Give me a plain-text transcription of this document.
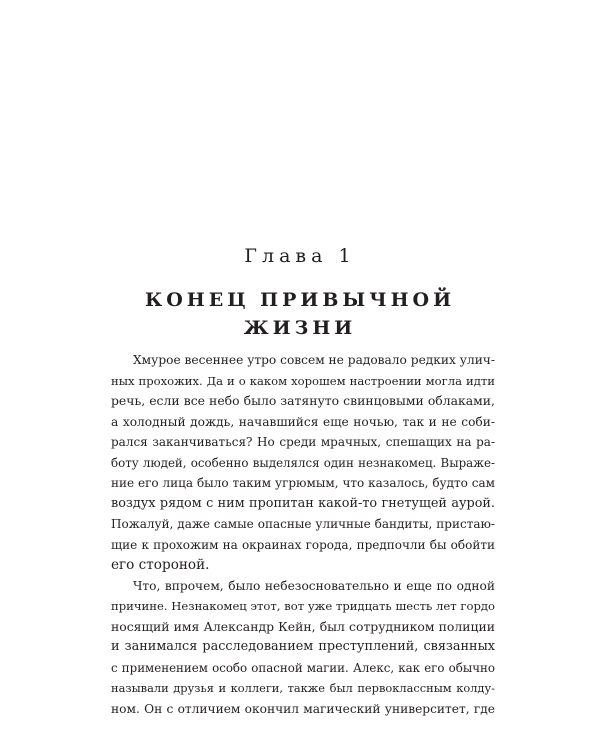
Глава 1
КОНЕЦ ПРИВЫЧНОЙ
ЖИЗНИ

Хмурое весеннее утро совсем не радовало редких улич-
ных прохожих. Да и о каком хорошем настроении могла идти
речь, если все небо было затянуто свинцовыми облаками,
а холодный дождь, начавшийся еще ночью, так и не соби-
рался заканчиваться? Но среди мрачных, спешащих на ра-
боту людей, особенно выделялся один незнакомец. Выраже-
ние его лица было таким угрюмым, что казалось, будто сам
воздух рядом с ним пропитан какой-то гнетущей аурой.
Пожалуй, даже самые опасные уличные бандиты, пристаю-
щие к прохожим на окраинах города, предпочли бы обойти
его стороной.

Что, впрочем, было небезосновательно и еще по одной
причине. Незнакомец этот, вот уже тридцать шесть лет гордо
носящий имя Александр Кейн, был сотрудником полиции
и занимался расследованием преступлений, связанных
с применением особо опасной магии. Алекс, как его обычно
называли друзья и коллеги, также был первоклассным колду-
ном. Он с отличием окончил магический университет, где
